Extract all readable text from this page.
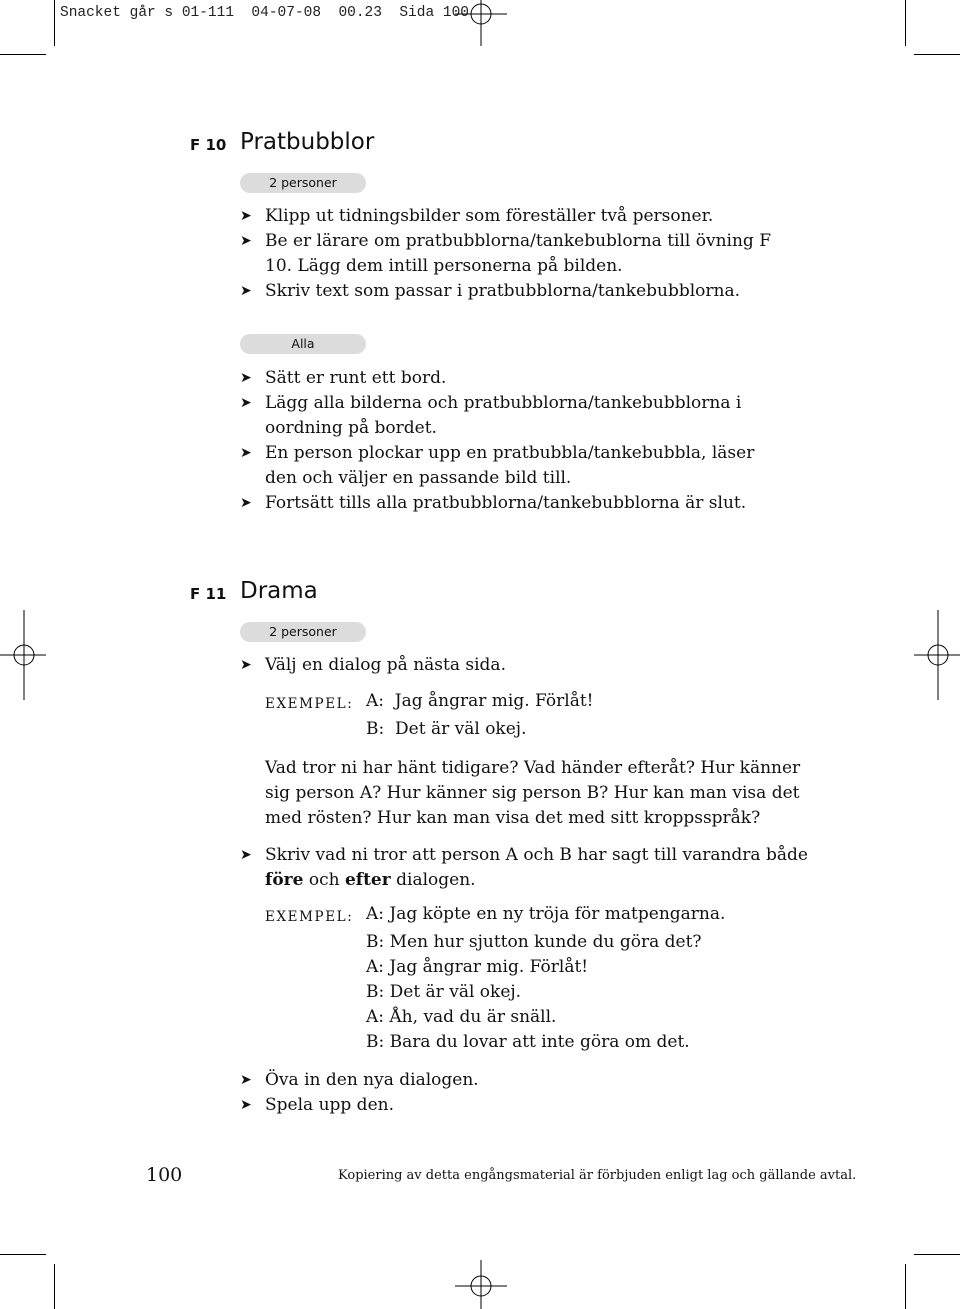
Snacket går s 01-111  04-07-08  00.23  Sida 100
F 10 Pratbubblor
2 personer
➤ Klipp ut tidningsbilder som föreställer två personer.
➤ Be er lärare om pratbubblorna/tankebublorna till övning F 10. Lägg dem intill personerna på bilden.
➤ Skriv text som passar i pratbubblorna/tankebubblorna.
Alla
➤ Sätt er runt ett bord.
➤ Lägg alla bilderna och pratbubblorna/tankebubblorna i oordning på bordet.
➤ En person plockar upp en pratbubbla/tankebubbla, läser den och väljer en passande bild till.
➤ Fortsätt tills alla pratbubblorna/tankebubblorna är slut.
F 11 Drama
2 personer
➤ Välj en dialog på nästa sida.
EXEMPEL: A:  Jag ångrar mig. Förlåt!
B:  Det är väl okej.
Vad tror ni har hänt tidigare? Vad händer efteråt? Hur känner sig person A? Hur känner sig person B? Hur kan man visa det med rösten? Hur kan man visa det med sitt kroppsspråk?
➤ Skriv vad ni tror att person A och B har sagt till varandra både före och efter dialogen.
EXEMPEL: A: Jag köpte en ny tröja för matpengarna.
B: Men hur sjutton kunde du göra det?
A: Jag ångrar mig. Förlåt!
B: Det är väl okej.
A: Åh, vad du är snäll.
B: Bara du lovar att inte göra om det.
➤ Öva in den nya dialogen.
➤ Spela upp den.
100	Kopiering av detta engångsmaterial är förbjuden enligt lag och gällande avtal.
